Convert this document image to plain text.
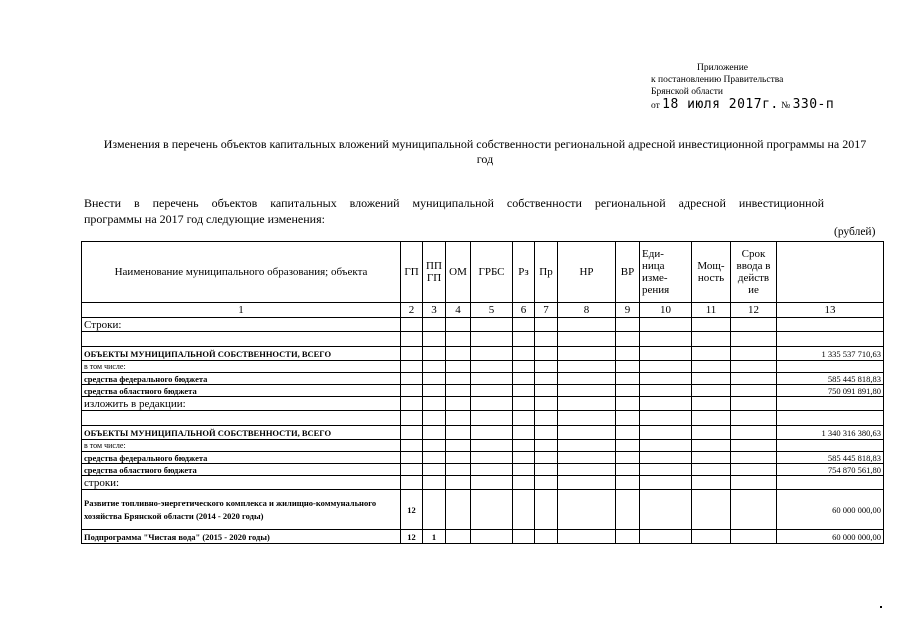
Приложение
к постановлению Правительства
Брянской области
от 18 июля 2017г. № 330-п
Изменения в перечень объектов капитальных вложений муниципальной собственности региональной адресной инвестиционной программы на 2017 год
Внести в перечень объектов капитальных вложений муниципальной собственности региональной адресной инвестиционной
программы на 2017 год следующие изменения:
(рублей)
Наименование муниципального образования; объекта	ГП	ПП ГП	ОМ	ГРБС	Рз	Пр	НР	ВР	Еди- ница изме- рения	Мощ- ность	Срок ввода в действ ие	
1	2	3	4	5	6	7	8	9	10	11	12	13
Строки:												

ОБЪЕКТЫ МУНИЦИПАЛЬНОЙ СОБСТВЕННОСТИ, ВСЕГО												1 335 537 710,63
в том числе:												
средства федерального бюджета												585 445 818,83
средства областного бюджета												750 091 891,80
изложить в редакции:												

ОБЪЕКТЫ МУНИЦИПАЛЬНОЙ СОБСТВЕННОСТИ, ВСЕГО												1 340 316 380,63
в том числе:												
средства федерального бюджета												585 445 818,83
средства областного бюджета												754 870 561,80
строки:												
Развитие топливно-энергетического комплекса и жилищно-коммунального хозяйства Брянской области (2014 - 2020 годы)	12											60 000 000,00
Подпрограмма "Чистая вода" (2015 - 2020 годы)	12	1										60 000 000,00
